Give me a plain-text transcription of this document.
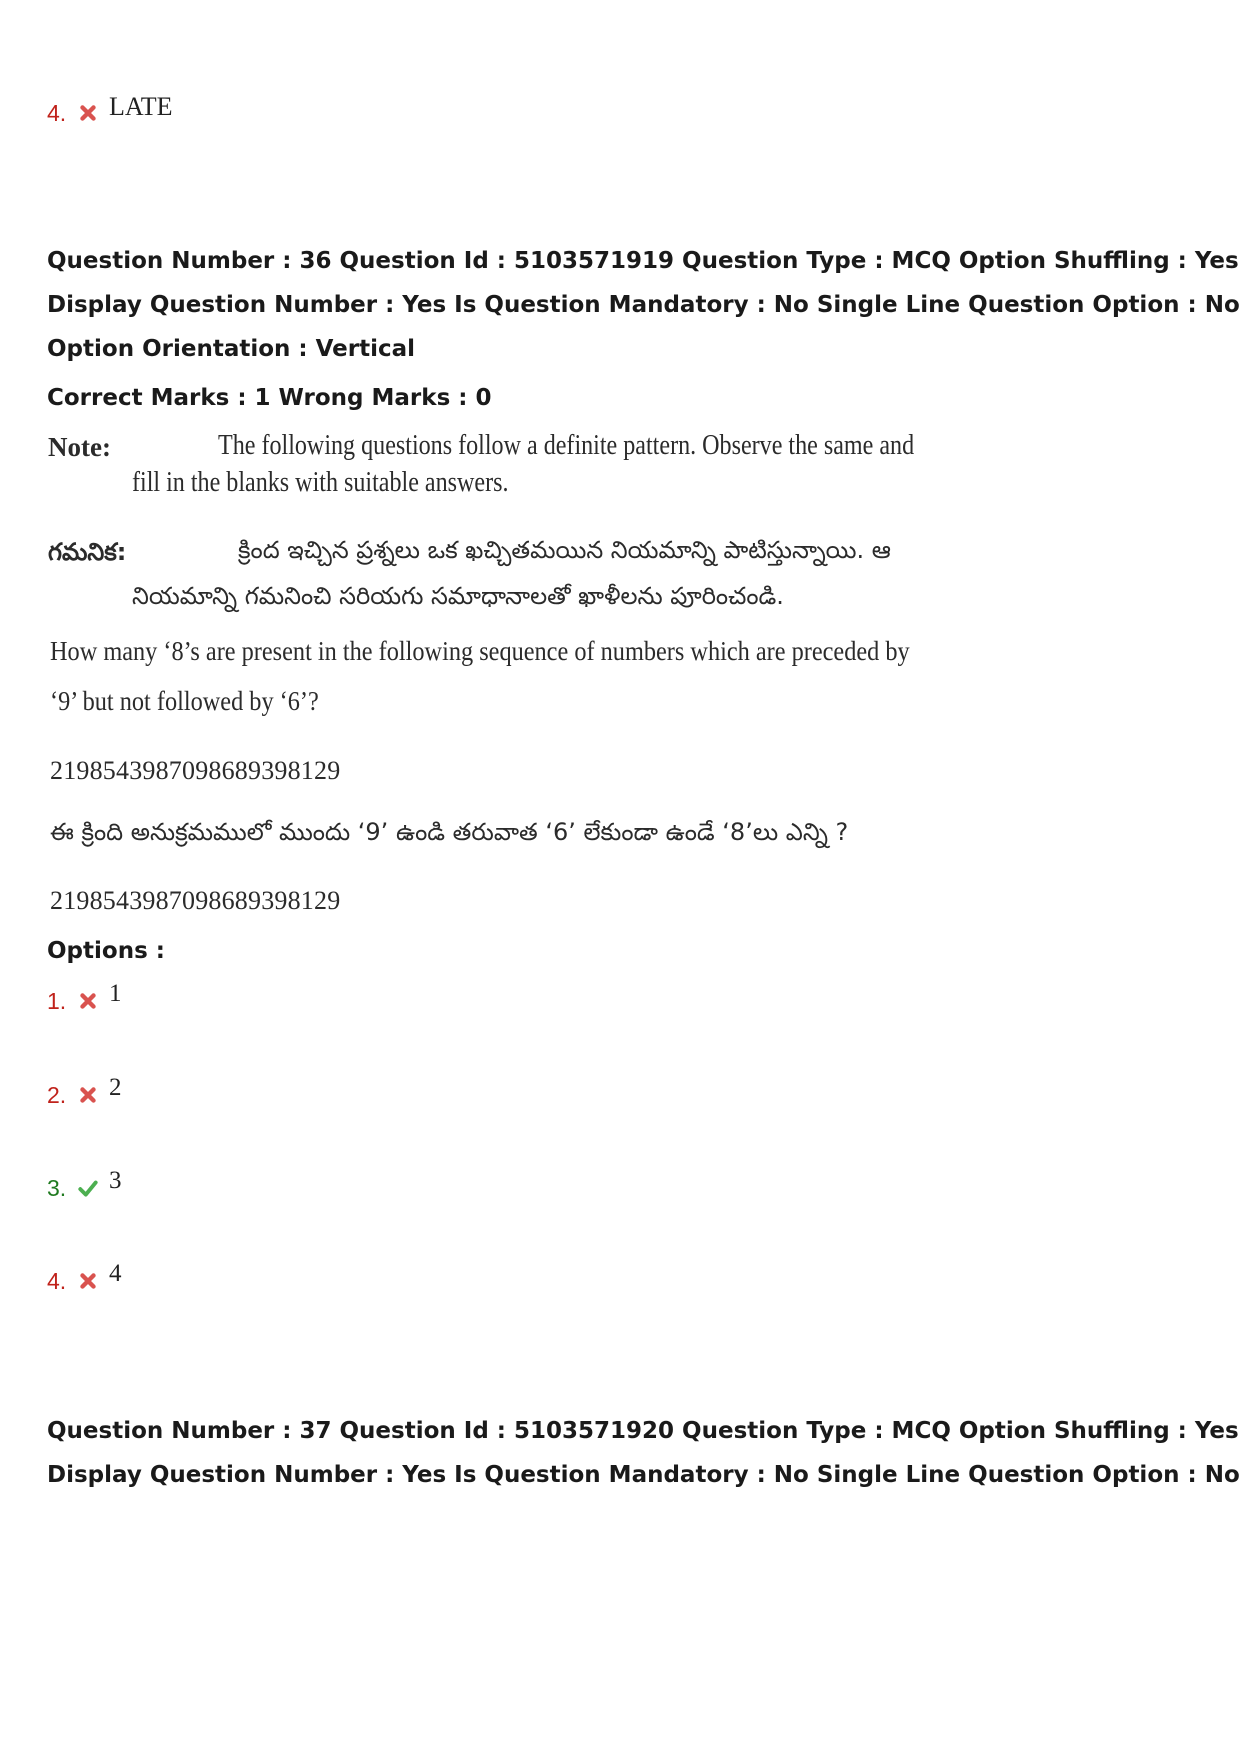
4. LATE
Question Number : 36 Question Id : 5103571919 Question Type : MCQ Option Shuffling : Yes
Display Question Number : Yes Is Question Mandatory : No Single Line Question Option : No
Option Orientation : Vertical
Correct Marks : 1 Wrong Marks : 0
Note:	The following questions follow a definite pattern. Observe the same and
fill in the blanks with suitable answers.
గమనిక:	క్రింద ఇచ్చిన ప్రశ్నలు ఒక ఖచ్చితమయిన నియమాన్ని పాటిస్తున్నాయి. ఆ
నియమాన్ని గమనించి సరియగు సమాధానాలతో ఖాళీలను పూరించండి.
How many ‘8’s are present in the following sequence of numbers which are preceded by
‘9’ but not followed by ‘6’?
2198543987098689398129
ఈ క్రింది అనుక్రమములో ముందు ‘9’ ఉండి తరువాత ‘6’ లేకుండా ఉండే ‘8’లు ఎన్ని ?
2198543987098689398129
Options :
1. 1
2. 2
3. 3
4. 4
Question Number : 37 Question Id : 5103571920 Question Type : MCQ Option Shuffling : Yes
Display Question Number : Yes Is Question Mandatory : No Single Line Question Option : No
